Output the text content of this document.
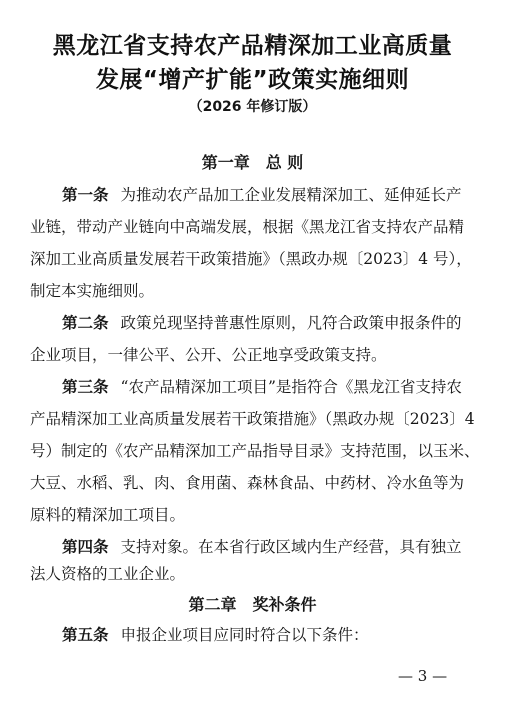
黑龙江省支持农产品精深加工业高质量
发展“增产扩能”政策实施细则
（2026 年修订版）
第一章 总 则
第一条 为推动农产品加工企业发展精深加工、延伸延长产
业链，带动产业链向中高端发展，根据《黑龙江省支持农产品精
深加工业高质量发展若干政策措施》（黑政办规〔2023〕4 号），
制定本实施细则。
第二条 政策兑现坚持普惠性原则，凡符合政策申报条件的
企业项目，一律公平、公开、公正地享受政策支持。
第三条 “农产品精深加工项目”是指符合《黑龙江省支持农
产品精深加工业高质量发展若干政策措施》（黑政办规〔2023〕4
号）制定的《农产品精深加工产品指导目录》支持范围，以玉米、
大豆、水稻、乳、肉、食用菌、森林食品、中药材、冷水鱼等为
原料的精深加工项目。
第四条 支持对象。在本省行政区域内生产经营，具有独立
法人资格的工业企业。
第二章 奖补条件
第五条 申报企业项目应同时符合以下条件：
— 3 —
